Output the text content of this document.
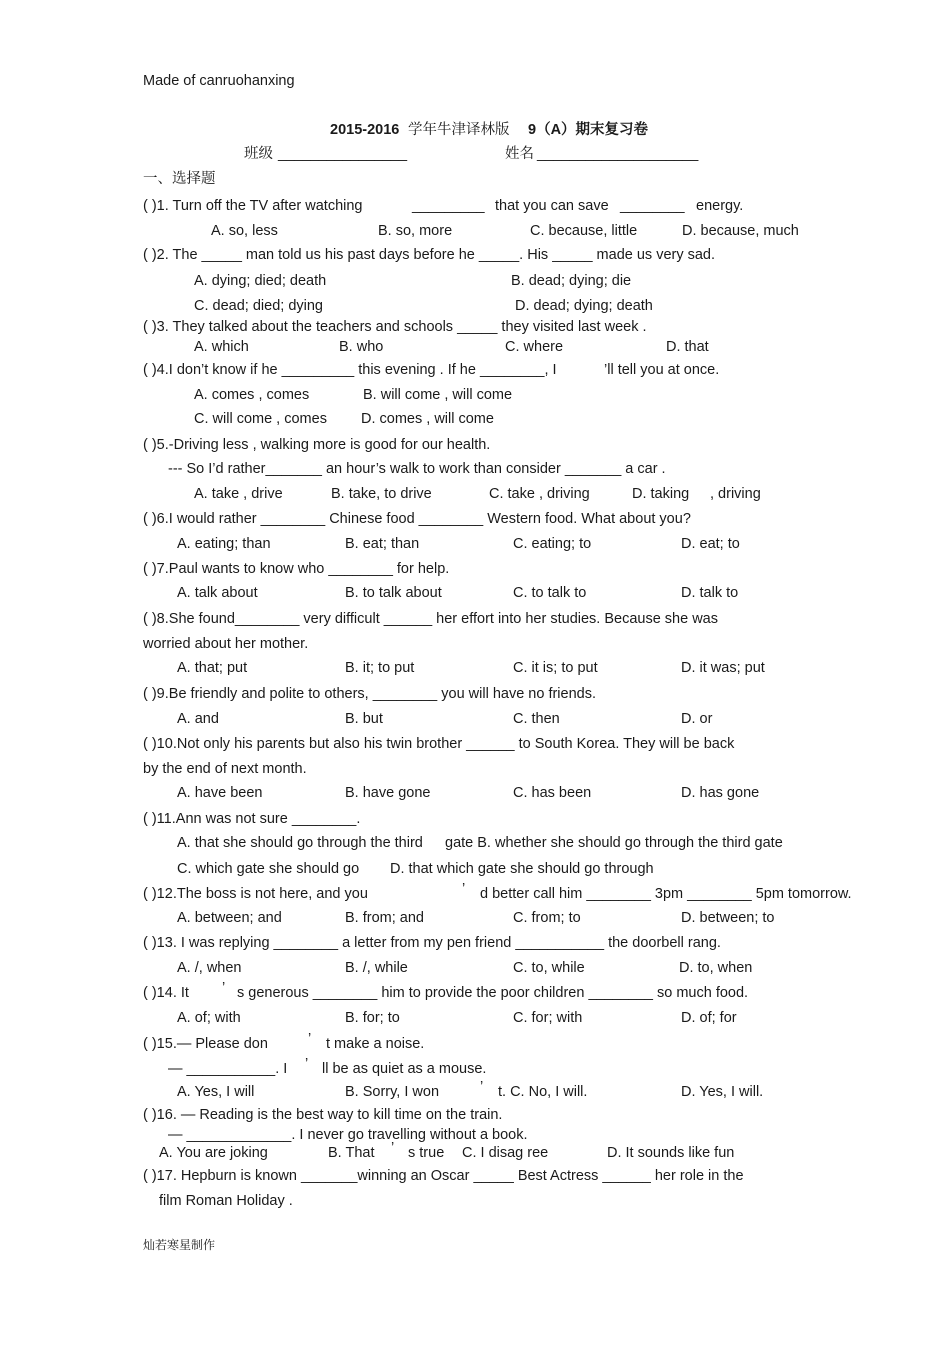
Made of canruohanxing
2015-2016 学年牛津译林版 9（A）期末复习卷
班级 ________________	姓名 ____________________
一、选择题
( )1. Turn off the TV after watching	_________ that you can save ________ energy.
A. so, less	B. so, more	C. because, little	D. because, much
( )2. The _____ man told us his past days before he _____. His _____ made us very sad.
A. dying; died; death	B. dead; dying; die
C. dead; died; dying	D. dead; dying; death
( )3. They talked about the teachers and schools _____ they visited last week .
A. which	B. who	C. where	D. that
( )4.I don’t know if he _________ this evening . If he ________, I	’ll tell you at once.
A. comes , comes	B. will come , will come
C. will come , comes D. comes , will come
( )5.-Driving less , walking more is good for our health.
--- So I’d rather_______ an hour’s walk to work than consider _______ a car .
A. take , drive	B. take, to drive	C. take , driving	D. taking , driving
( )6.I would rather ________ Chinese food ________ Western food. What about you?
A. eating; than	B. eat; than	C. eating; to	D. eat; to
( )7.Paul wants to know who ________ for help.
A. talk about	B. to talk about	C. to talk to	D. talk to
( )8.She found________ very difficult ______ her effort into her studies. Because she was
worried about her mother.
A. that; put	B. it; to put	C. it is; to put	D. it was; put
( )9.Be friendly and polite to others, ________ you will have no friends.
A. and	B. but	C. then	D. or
( )10.Not only his parents but also his twin brother ______ to South Korea. They will be back
by the end of next month.
A. have been	B. have gone	C. has been	D. has gone
( )11.Ann was not sure ________.
A. that she should go through the third gate B. whether she should go through the third gate
C. which gate she should go D. that which gate she should go through
( )12.The boss is not here, and you	’ d better call him ________ 3pm ________ 5pm tomorrow.
A. between; and	B. from; and	C. from; to	D. between; to
( )13. I was replying ________ a letter from my pen friend ___________ the doorbell rang.
A. /, when	B. /, while	C. to, while	D. to, when
( )14. It ’ s generous ________ him to provide the poor children ________ so much food.
A. of; with	B. for; to	C. for; with	D. of; for
( )15.— Please don	’ t make a noise.
— ___________. I ’ ll be as quiet as a mouse.
A. Yes, I will	B. Sorry, I won	’ t. C. No, I will.	D. Yes, I will.
( )16. — Reading is the best way to kill time on the train.
— _____________. I never go travelling without a book.
A. You are joking	B. That ’ s true C. I disag ree	D. It sounds like fun
( )17. Hepburn is known _______winning an Oscar _____ Best Actress ______ her role in the
film Roman Holiday .
灿若寒星制作
